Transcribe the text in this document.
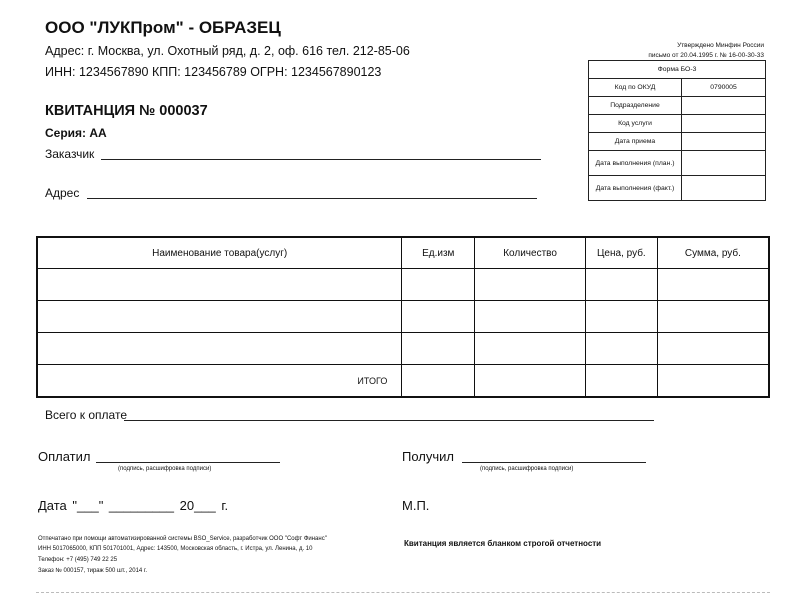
ООО "ЛУКПром" - ОБРАЗЕЦ
Адрес: г. Москва, ул. Охотный ряд, д. 2, оф. 616 тел. 212-85-06
ИНН: 1234567890 КПП: 123456789 ОГРН: 1234567890123
Утверждено Минфин России
письмо от 20.04.1995 г. № 16-00-30-33
Форма БО-3	
Код по ОКУД	0790005
Подразделение	
Код услуги	
Дата приема	
Дата выполнения (план.)	
Дата выполнения (факт.)	
КВИТАНЦИЯ № 000037
Серия: АА
Заказчик
Адрес
Наименование товара(услуг)	Ед.изм	Количество	Цена, руб.	Сумма, руб.

ИТОГО				
Всего к оплате
Оплатил
(подпись, расшифровка подписи)
Получил
(подпись, расшифровка подписи)
Дата "___" _________ 20___ г.	М.П.
Отпечатано при помощи автоматизированной системы BSO_Service, разработчик ООО "Софт Финанс"
ИНН 5017065000, КПП 501701001, Адрес: 143500, Московская область, г. Истра, ул. Ленина, д. 10
Телефон: +7 (495) 749 22 25
Заказ № 000157, тираж 500 шт., 2014 г.
Квитанция является бланком строгой отчетности
